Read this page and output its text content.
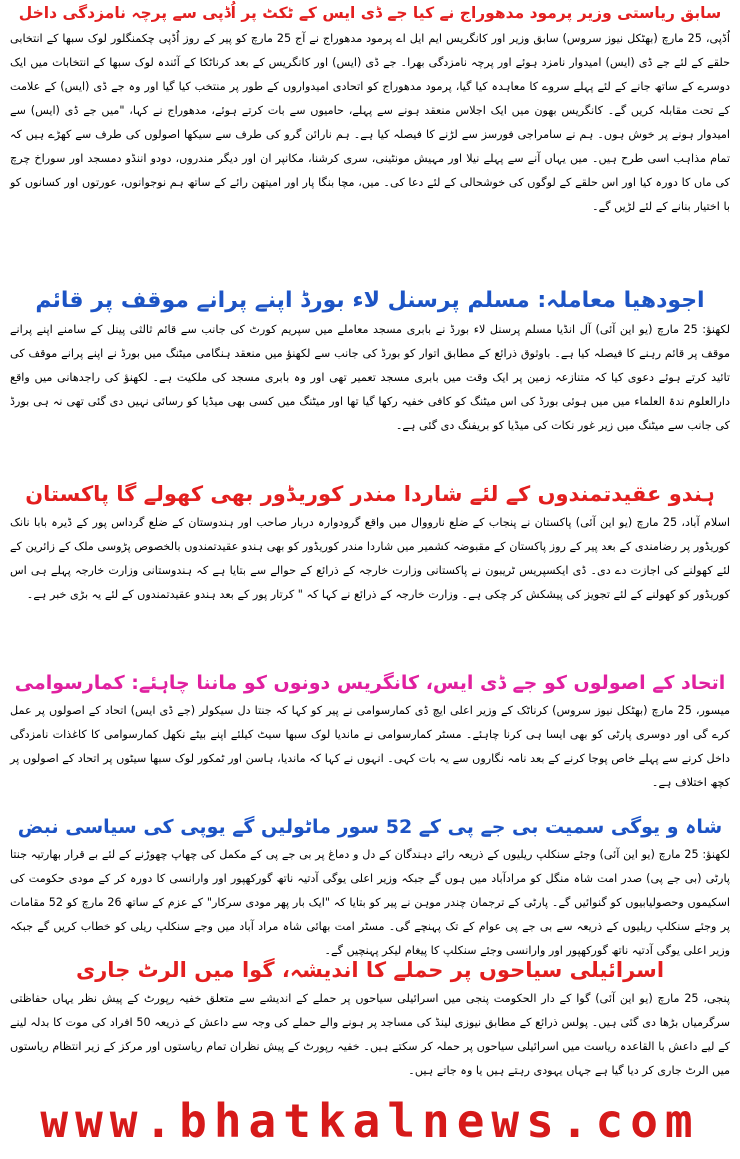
سابق ریاستی وزیر پرمود مدھوراج نے کیا جے ڈی ایس کے ٹکٹ پر اُڈپی سے پرچہ نامزدگی داخل

اُڈپی، 25 مارچ (بھٹکل نیوز سروس) سابق وزیر اور کانگریس ایم ایل اے پرمود مدھوراج نے آج 25 مارچ کو پیر کے روز اُڈپی چکمنگلور لوک سبھا کے انتخابی حلقے کے لئے جے ڈی (ایس) امیدوار نامزد ہوئے اور پرچہ نامزدگی بھرا۔ جے ڈی (ایس) اور کانگریس کے بعد کرناٹکا کے آئندہ لوک سبھا کے انتخابات میں ایک دوسرے کے ساتھ جانے کے لئے پہلے سروے کا معاہدہ کیا گیا، پرمود مدھوراج کو اتحادی امیدواروں کے طور پر منتخب کیا گیا اور وہ جے ڈی (ایس) کے علامت کے تحت مقابلہ کریں گے۔ کانگریس بھون میں ایک اجلاس منعقد ہونے سے پہلے، حامیوں سے بات کرتے ہوئے، مدھوراج نے کہا، "میں جے ڈی (ایس) سے امیدوار ہونے پر خوش ہوں۔ ہم نے سامراجی فورسز سے لڑنے کا فیصلہ کیا ہے۔ ہم نارائن گرو کی طرف سے سیکھا اصولوں کی طرف سے کھڑے ہیں کہ تمام مذاہب اسی طرح ہیں۔ میں یہاں آنے سے پہلے نیلا اور مہیش مونٹینی، سری کرشنا، مکانپر ان اور دیگر مندروں، دودو اننڈو دمسجد اور سوراخ چرچ کی ماں کا دورہ کیا اور اس حلقے کے لوگوں کی خوشحالی کے لئے دعا کی۔ میں، مچا بنگا پار اور امیتھن رائے کے ساتھ ہم نوجوانوں، عورتوں اور کسانوں کو با اختیار بنانے کے لئے لڑیں گے۔

اجودھیا معاملہ: مسلم پرسنل لاء بورڈ اپنے پرانے موقف پر قائم

لکھنؤ: 25 مارچ (یو این آئی) آل انڈیا مسلم پرسنل لاء بورڈ نے بابری مسجد معاملے میں سپریم کورٹ کی جانب سے قائم ثالثی پینل کے سامنے اپنے پرانے موقف پر قائم رہنے کا فیصلہ کیا ہے۔ باوثوق ذرائع کے مطابق اتوار کو بورڈ کی جانب سے لکھنؤ میں منعقد ہنگامی میٹنگ میں بورڈ نے اپنے پرانے موقف کی تائید کرتے ہوئے دعوی کیا کہ متنازعہ زمین پر ایک وقت میں بابری مسجد تعمیر تھی اور وہ بابری مسجد کی ملکیت ہے۔ لکھنؤ کی راجدھانی میں واقع دارالعلوم ندۃ العلماء میں میں ہوئی بورڈ کی اس میٹنگ کو کافی خفیہ رکھا گیا تھا اور میٹنگ میں کسی بھی میڈیا کو رسائی نہیں دی گئی تھی نہ ہی بورڈ کی جانب سے میٹنگ میں زیر غور نکات کی میڈیا کو بریفنگ دی گئی ہے۔

ہندو عقیدتمندوں کے لئے شاردا مندر کوریڈور بھی کھولے گا پاکستان

اسلام آباد، 25 مارچ (یو این آئی) پاکستان نے پنجاب کے ضلع نارووال میں واقع گرودوارہ دربار صاحب اور ہندوستان کے ضلع گرداس پور کے ڈیرہ بابا نانک کوریڈور پر رضامندی کے بعد پیر کے روز پاکستان کے مقبوضہ کشمیر میں شاردا مندر کوریڈور کو بھی ہندو عقیدتمندوں بالخصوص پڑوسی ملک کے زائرین کے لئے کھولنے کی اجازت دے دی۔ ڈی ایکسپریس ٹریبون نے پاکستانی وزارت خارجہ کے ذرائع کے حوالے سے بتایا ہے کہ ہندوستانی وزارت خارجہ پہلے ہی اس کوریڈور کو کھولنے کے لئے تجویز کی پیشکش کر چکی ہے۔ وزارت خارجہ کے ذرائع نے کہا کہ " کرتار پور کے بعد ہندو عقیدتمندوں کے لئے یہ بڑی خبر ہے۔

اتحاد کے اصولوں کو جے ڈی ایس، کانگریس دونوں کو ماننا چاہئے: کمارسوامی

میسور، 25 مارچ (بھٹکل نیوز سروس) کرناٹک کے وزیر اعلی ایچ ڈی کمارسوامی نے پیر کو کہا کہ جنتا دل سیکولر (جے ڈی ایس) اتحاد کے اصولوں پر عمل کرے گی اور دوسری پارٹی کو بھی ایسا ہی کرنا چاہئے۔ مسٹر کمارسوامی نے ماندیا لوک سبھا سیٹ کیلئے اپنے بیٹے نکھل کمارسوامی کا کاغذات نامزدگی داخل کرنے سے پہلے خاص پوجا کرنے کے بعد نامہ نگاروں سے یہ بات کہی۔ انہوں نے کہا کہ ماندیا، ہاسن اور ٹمکور لوک سبھا سیٹوں پر اتحاد کے اصولوں پر کچھ اختلاف ہے۔

شاہ و یوگی سمیت بی جے پی کے 52 سور ماٹولیں گے یوپی کی سیاسی نبض

لکھنؤ: 25 مارچ (یو این آئی) وجئے سنکلپ ریلیوں کے ذریعہ رائے دہندگان کے دل و دماغ پر بی جے پی کے مکمل کی چھاپ چھوڑنے کے لئے بے قرار بھارتیہ جنتا پارٹی (بی جے پی) صدر امت شاہ منگل کو مرادآباد میں ہوں گے جبکہ وزیر اعلی یوگی آدتیہ ناتھ گورکھپور اور وارانسی کا دورہ کر کے مودی حکومت کی اسکیموں وحصولیابیوں کو گنوائیں گے۔ پارٹی کے ترجمان چندر موہن نے پیر کو بتایا کہ "ایک بار پھر مودی سرکار" کے عزم کے ساتھ 26 مارچ کو 52 مقامات پر وجئے سنکلپ ریلیوں کے ذریعہ سے بی جے پی عوام کے تک پہنچے گی۔ مسٹر امت بھائی شاہ مراد آباد میں وجے سنکلپ ریلی کو خطاب کریں گے جبکہ وزیر اعلی یوگی آدتیہ ناتھ گورکھپور اور وارانسی وجئے سنکلپ کا پیغام لیکر پہنچیں گے۔

اسرائیلی سیاحوں پر حملے کا اندیشہ، گوا میں الرٹ جاری

پنجی، 25 مارچ (یو این آئی) گوا کے دار الحکومت پنجی میں اسرائیلی سیاحوں پر حملے کے اندیشے سے متعلق خفیہ رپورٹ کے پیش نظر یہاں حفاظتی سرگرمیاں بڑھا دی گئی ہیں۔ پولس ذرائع کے مطابق نیوزی لینڈ کی مساجد پر ہونے والے حملے کی وجہ سے داعش کے ذریعہ 50 افراد کی موت کا بدلہ لینے کے لیے داعش با القاعدہ ریاست میں اسرائیلی سیاحوں پر حملہ کر سکتے ہیں۔ خفیہ رپورٹ کے پیش نظران تمام ریاستوں اور مرکز کے زیر انتظام ریاستوں میں الرٹ جاری کر دیا گیا ہے جہاں یہودی رہتے ہیں یا وہ جاتے ہیں۔

www.bhatkalnews.com
